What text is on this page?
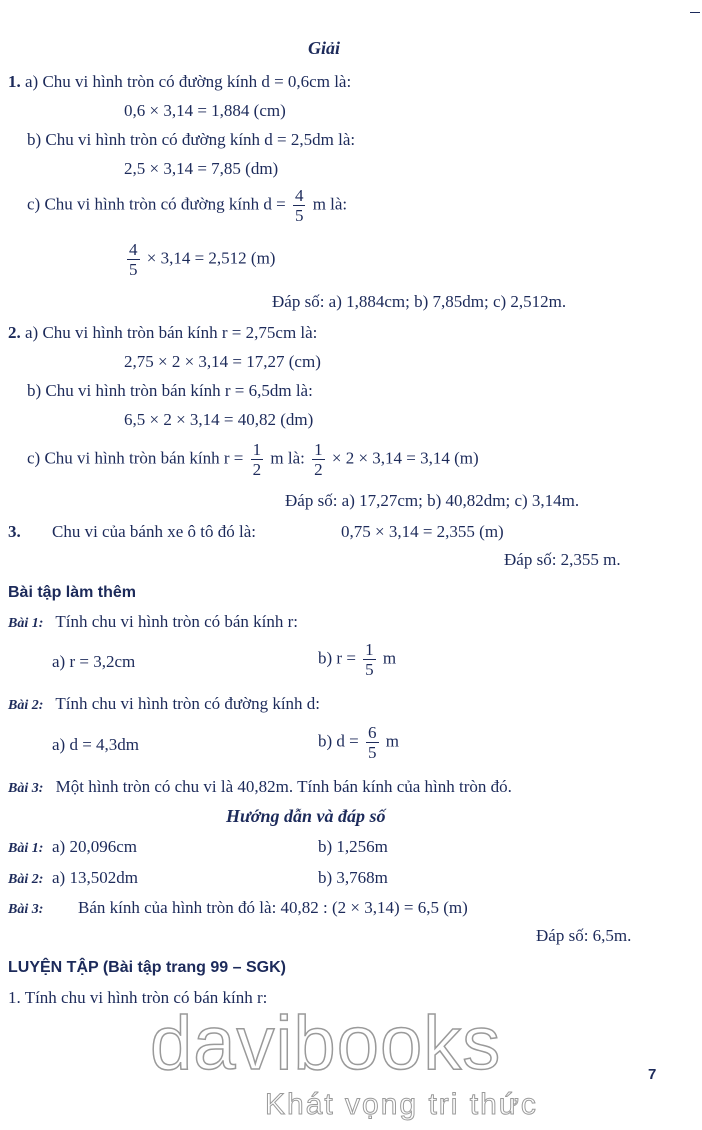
Giải
1. a) Chu vi hình tròn có đường kính d = 0,6cm là:
0,6 × 3,14 = 1,884 (cm)
b) Chu vi hình tròn có đường kính d = 2,5dm là:
2,5 × 3,14 = 7,85 (dm)
c) Chu vi hình tròn có đường kính $d = \frac{4}{5}$ m là:
$\frac{4}{5} \times 3,14 = 2,512$ (m)
Đáp số: a) 1,884cm; b) 7,85dm; c) 2,512m.
2. a) Chu vi hình tròn bán kính r = 2,75cm là:
2,75 × 2 × 3,14 = 17,27 (cm)
b) Chu vi hình tròn bán kính r = 6,5dm là:
6,5 × 2 × 3,14 = 40,82 (dm)
c) Chu vi hình tròn bán kính $r = \frac{1}{2}$ m là: $\frac{1}{2} \times 2 \times 3,14 = 3,14$ (m)
Đáp số: a) 17,27cm; b) 40,82dm; c) 3,14m.
3. Chu vi của bánh xe ô tô đó là:	0,75 × 3,14 = 2,355 (m)
Đáp số: 2,355 m.
Bài tập làm thêm
Bài 1: Tính chu vi hình tròn có bán kính r:
a) r = 3,2cm	b) $r = \frac{1}{5}$ m
Bài 2: Tính chu vi hình tròn có đường kính d:
a) d = 4,3dm	b) $d = \frac{6}{5}$ m
Bài 3: Một hình tròn có chu vi là 40,82m. Tính bán kính của hình tròn đó.
Hướng dẫn và đáp số
Bài 1: a) 20,096cm	b) 1,256m
Bài 2: a) 13,502dm	b) 3,768m
Bài 3:	Bán kính của hình tròn đó là: 40,82 : (2 × 3,14) = 6,5 (m)
Đáp số: 6,5m.
LUYỆN TẬP (Bài tập trang 99 – SGK)
1. Tính chu vi hình tròn có bán kính r:
davibooks
Khát vọng tri thức
7
